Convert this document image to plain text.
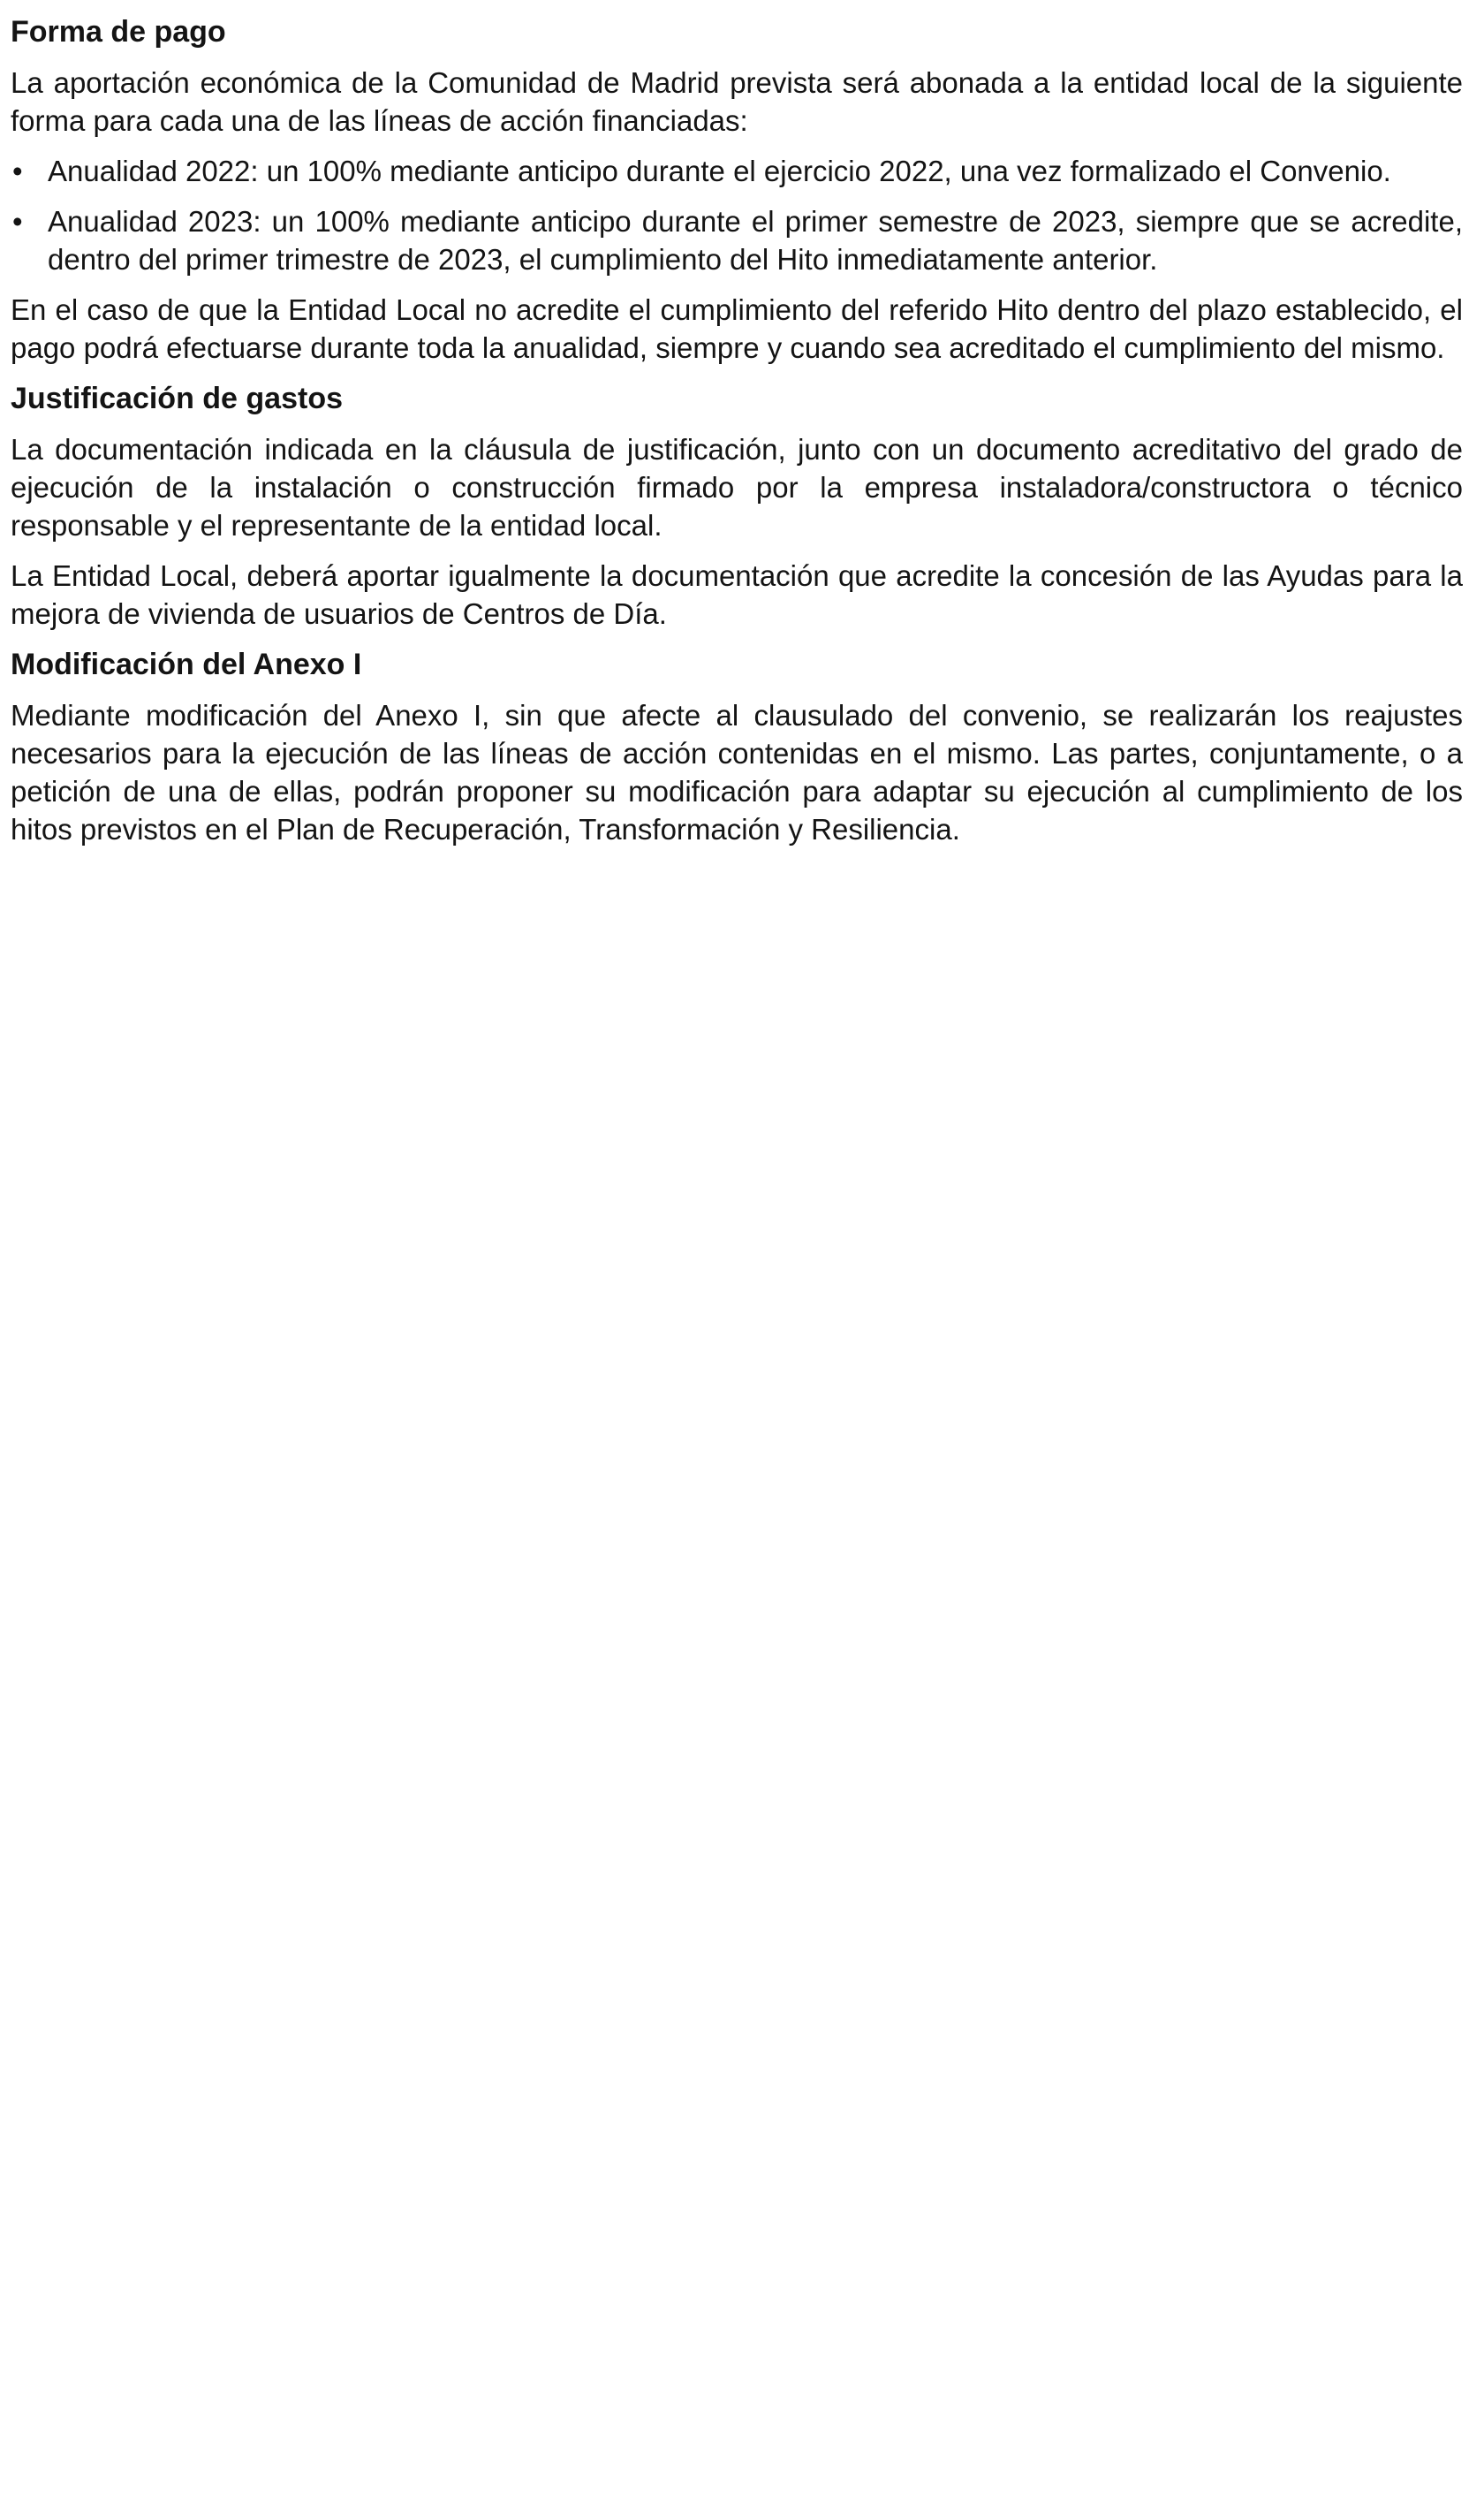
Forma de pago

La aportación económica de la Comunidad de Madrid prevista será abonada a la entidad local de la siguiente forma para cada una de las líneas de acción financiadas:

• Anualidad 2022: un 100% mediante anticipo durante el ejercicio 2022, una vez formalizado el Convenio.
• Anualidad 2023: un 100% mediante anticipo durante el primer semestre de 2023, siempre que se acredite, dentro del primer trimestre de 2023, el cumplimiento del Hito inmediatamente anterior.

En el caso de que la Entidad Local no acredite el cumplimiento del referido Hito dentro del plazo establecido, el pago podrá efectuarse durante toda la anualidad, siempre y cuando sea acreditado el cumplimiento del mismo.

Justificación de gastos

La documentación indicada en la cláusula de justificación, junto con un documento acreditativo del grado de ejecución de la instalación o construcción firmado por la empresa instaladora/constructora o técnico responsable y el representante de la entidad local.

La Entidad Local, deberá aportar igualmente la documentación que acredite la concesión de las Ayudas para la mejora de vivienda de usuarios de Centros de Día.

Modificación del Anexo I

Mediante modificación del Anexo I, sin que afecte al clausulado del convenio, se realizarán los reajustes necesarios para la ejecución de las líneas de acción contenidas en el mismo. Las partes, conjuntamente, o a petición de una de ellas, podrán proponer su modificación para adaptar su ejecución al cumplimiento de los hitos previstos en el Plan de Recuperación, Transformación y Resiliencia.
